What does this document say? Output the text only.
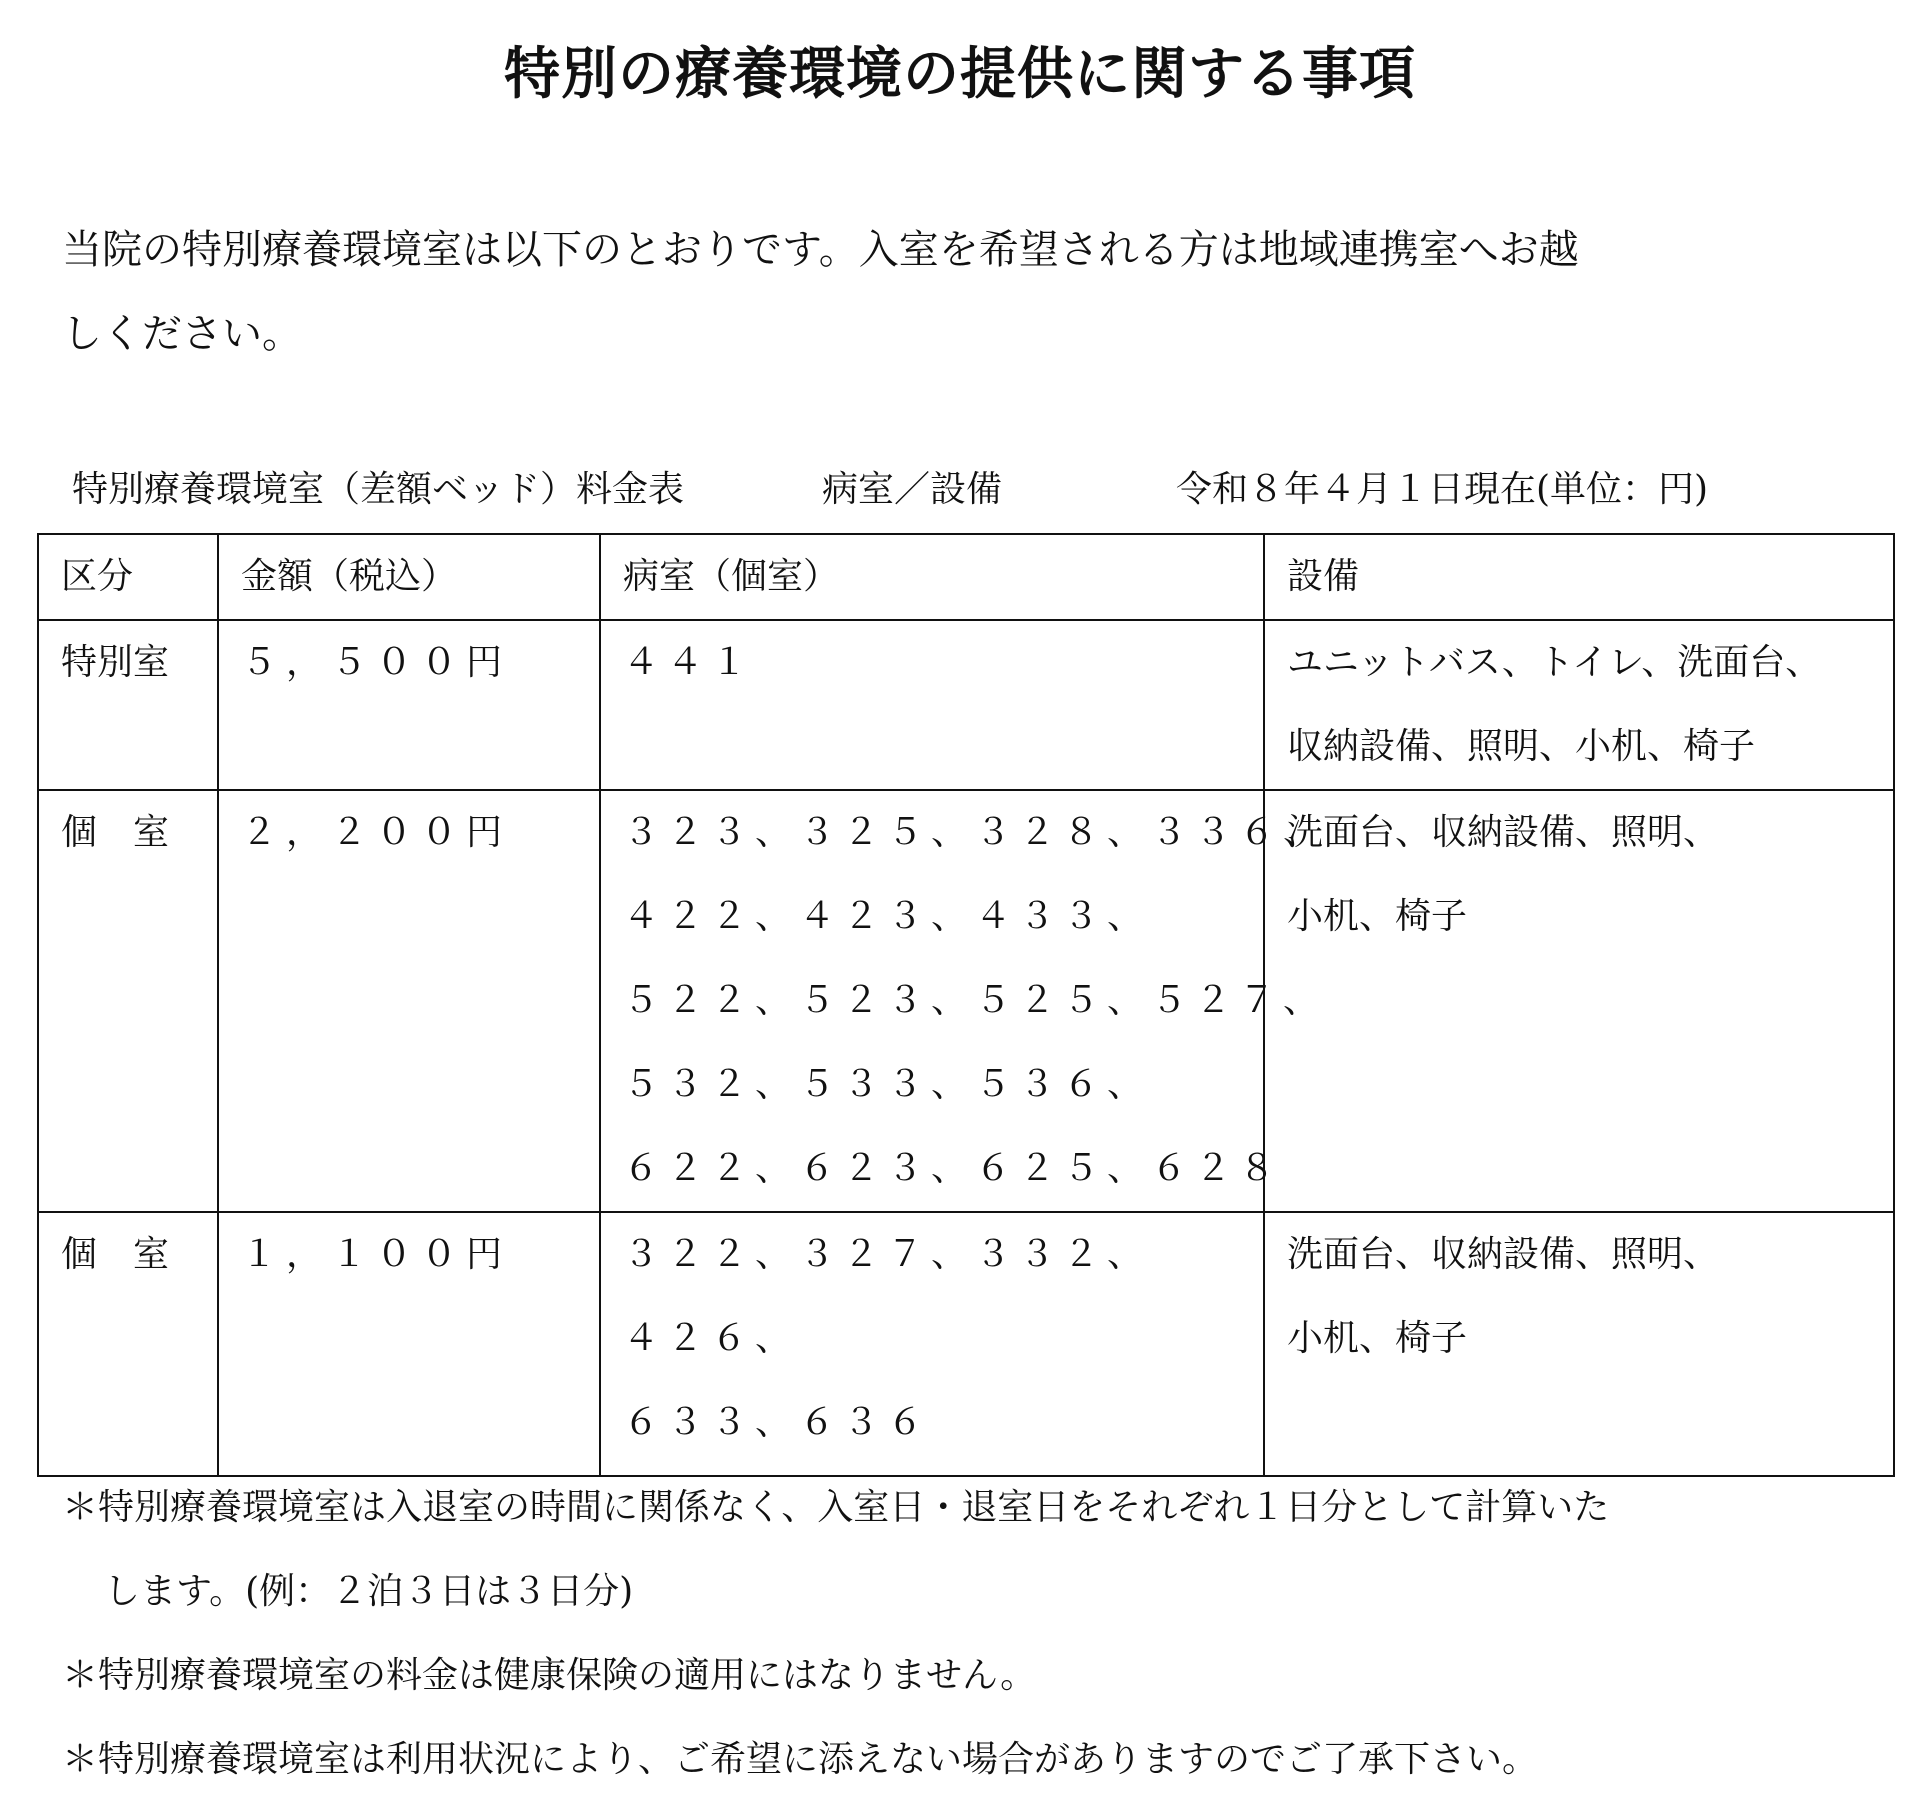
特別の療養環境の提供に関する事項
当院の特別療養環境室は以下のとおりです。入室を希望される方は地域連携室へお越
しください。
特別療養環境室（差額ベッド）料金表	病室／設備	令和８年４月１日現在(単位：円)
区分	金額（税込）	病室（個室）	設備
特別室	５，５００円	４４１	ユニットバス、トイレ、洗面台、
収納設備、照明、小机、椅子

個　室	２，２００円	３２３、３２５、３２８、３３６、
４２２、４２３、４３３、
５２２、５２３、５２５、５２７、
５３２、５３３、５３６、
６２２、６２３、６２５、６２８	洗面台、収納設備、照明、
小机、椅子

個　室	１，１００円	３２２、３２７、３３２、
４２６、
６３３、６３６	洗面台、収納設備、照明、
小机、椅子
＊特別療養環境室は入退室の時間に関係なく、入室日・退室日をそれぞれ１日分として計算いた
します。(例：２泊３日は３日分)
＊特別療養環境室の料金は健康保険の適用にはなりません。
＊特別療養環境室は利用状況により、ご希望に添えない場合がありますのでご了承下さい。
